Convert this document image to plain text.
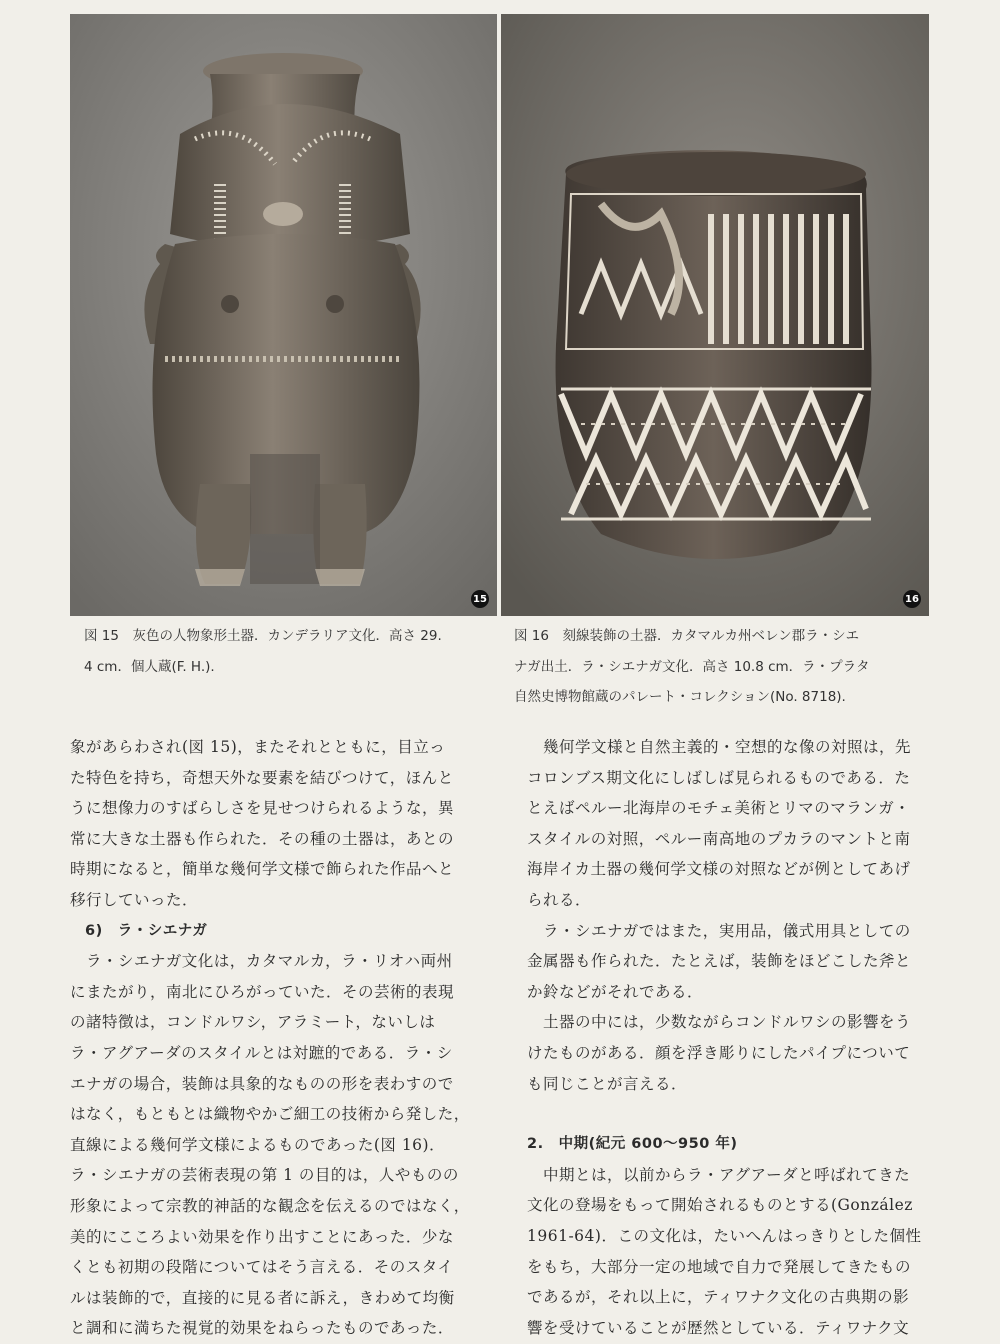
15	16
図 15　灰色の人物象形土器．カンデラリア文化．高さ 29.
4 cm．個人蔵(F. H.).
図 16　刻線装飾の土器．カタマルカ州ベレン郡ラ・シエ
ナガ出土．ラ・シエナガ文化．高さ 10.8 cm．ラ・プラタ
自然史博物館蔵のパレート・コレクション(No. 8718).
象があらわされ(図 15)，またそれとともに，目立っ
た特色を持ち，奇想天外な要素を結びつけて，ほんと
うに想像力のすばらしさを見せつけられるような，異
常に大きな土器も作られた．その種の土器は，あとの
時期になると，簡単な幾何学文様で飾られた作品へと
移行していった．
　6)　ラ・シエナガ
　ラ・シエナガ文化は，カタマルカ，ラ・リオハ両州
にまたがり，南北にひろがっていた．その芸術的表現
の諸特徴は，コンドルワシ，アラミート，ないしは
ラ・アグアーダのスタイルとは対蹠的である．ラ・シ
エナガの場合，装飾は具象的なものの形を表わすので
はなく，もともとは織物やかご細工の技術から発した，
直線による幾何学文様によるものであった(図 16)．
ラ・シエナガの芸術表現の第 1 の目的は，人やものの
形象によって宗教的神話的な観念を伝えるのではなく，
美的にこころよい効果を作り出すことにあった．少な
くとも初期の段階についてはそう言える．そのスタイ
ルは装飾的で，直接的に見る者に訴え，きわめて均衡
と調和に満ちた視覚的効果をねらったものであった．
　幾何学文様と自然主義的・空想的な像の対照は，先
コロンブス期文化にしばしば見られるものである．た
とえばペルー北海岸のモチェ美術とリマのマランガ・
スタイルの対照，ペルー南高地のプカラのマントと南
海岸イカ土器の幾何学文様の対照などが例としてあげ
られる．
　ラ・シエナガではまた，実用品，儀式用具としての
金属器も作られた．たとえば，装飾をほどこした斧と
か鈴などがそれである．
　土器の中には，少数ながらコンドルワシの影響をう
けたものがある．顔を浮き彫りにしたパイプについて
も同じことが言える．
2.　中期(紀元 600〜950 年)
　中期とは，以前からラ・アグアーダと呼ばれてきた
文化の登場をもって開始されるものとする(González
1961-64)．この文化は，たいへんはっきりとした個性
をもち，大部分一定の地域で自力で発展してきたもの
であるが，それ以上に，ティワナク文化の古典期の影
響を受けていることが歴然としている．ティワナク文
